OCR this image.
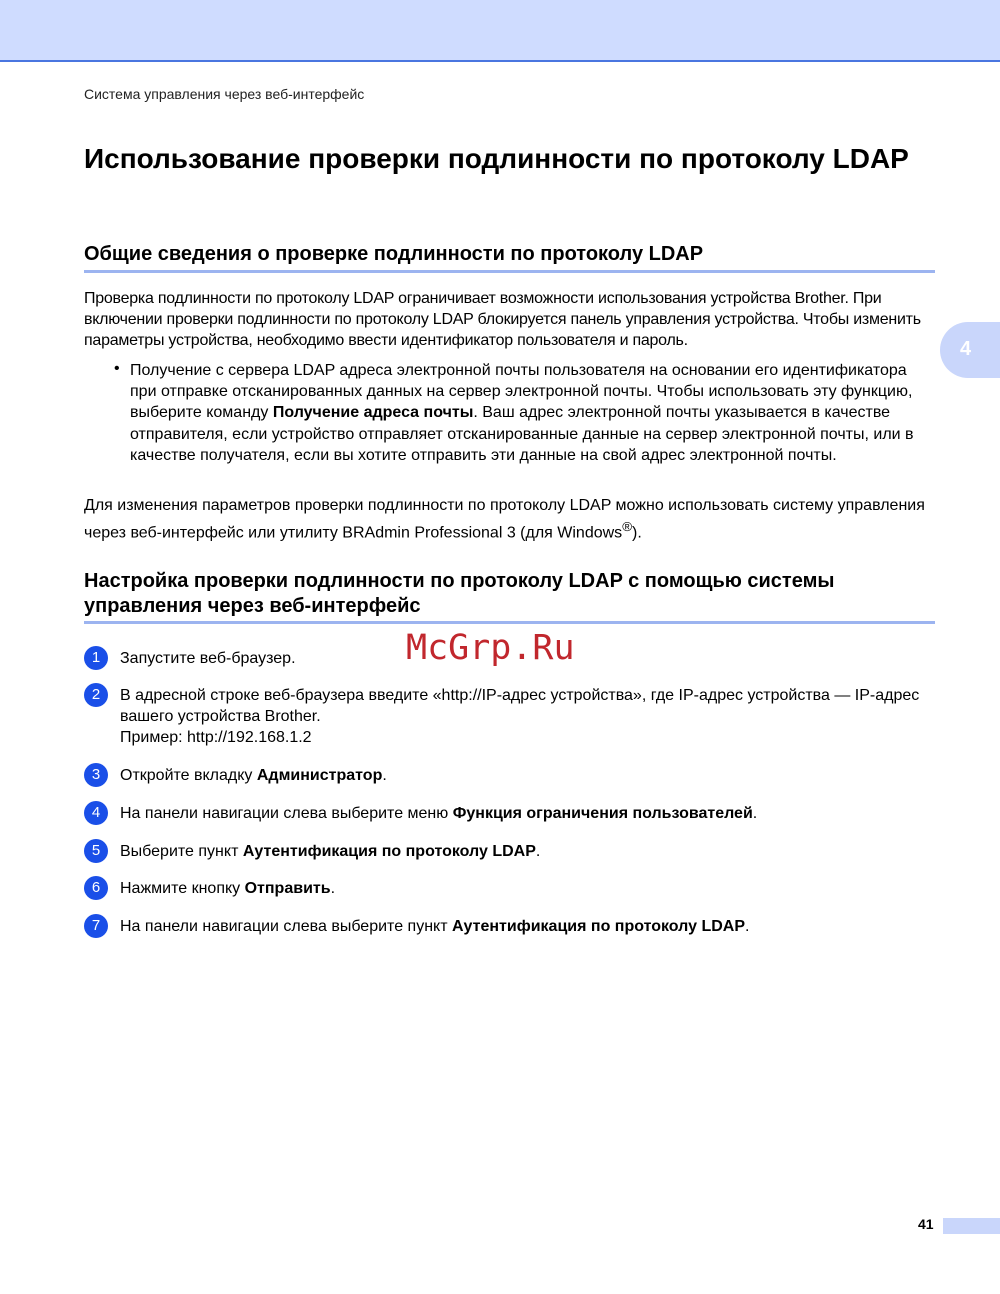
Система управления через веб-интерфейс
4
Использование проверки подлинности по протоколу LDAP
Общие сведения о проверке подлинности по протоколу LDAP

Проверка подлинности по протоколу LDAP ограничивает возможности использования устройства Brother. При включении проверки подлинности по протоколу LDAP блокируется панель управления устройства. Чтобы изменить параметры устройства, необходимо ввести идентификатор пользователя и пароль.

• Получение с сервера LDAP адреса электронной почты пользователя на основании его идентификатора при отправке отсканированных данных на сервер электронной почты. Чтобы использовать эту функцию, выберите команду Получение адреса почты. Ваш адрес электронной почты указывается в качестве отправителя, если устройство отправляет отсканированные данные на сервер электронной почты, или в качестве получателя, если вы хотите отправить эти данные на свой адрес электронной почты.

Для изменения параметров проверки подлинности по протоколу LDAP можно использовать систему управления через веб-интерфейс или утилиту BRAdmin Professional 3 (для Windows®).

Настройка проверки подлинности по протоколу LDAP с помощью системы управления через веб-интерфейс
1	Запустите веб-браузер.
2	В адресной строке веб-браузера введите «http://IP-адрес устройства», где IP-адрес устройства — IP-адрес вашего устройства Brother.
Пример: http://192.168.1.2
3	Откройте вкладку Администратор.
4	На панели навигации слева выберите меню Функция ограничения пользователей.
5	Выберите пункт Аутентификация по протоколу LDAP.
6	Нажмите кнопку Отправить.
7	На панели навигации слева выберите пункт Аутентификация по протоколу LDAP.
McGrp.Ru
41
